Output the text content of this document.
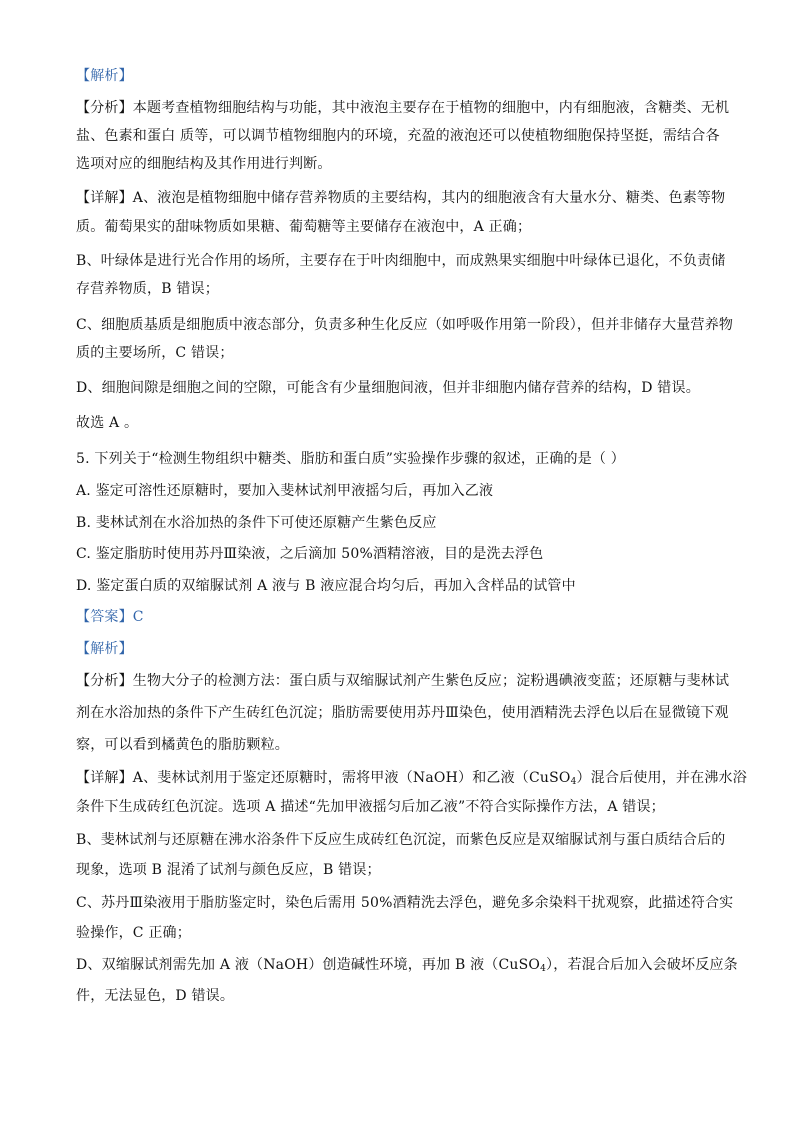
【解析】
【分析】本题考查植物细胞结构与功能，其中液泡主要存在于植物的细胞中，内有细胞液，含糖类、无机
盐、色素和蛋白 质等，可以调节植物细胞内的环境，充盈的液泡还可以使植物细胞保持坚挺，需结合各
选项对应的细胞结构及其作用进行判断。
【详解】A、液泡是植物细胞中储存营养物质的主要结构，其内的细胞液含有大量水分、糖类、色素等物
质。葡萄果实的甜味物质如果糖、葡萄糖等主要储存在液泡中，A 正确；
B、叶绿体是进行光合作用的场所，主要存在于叶肉细胞中，而成熟果实细胞中叶绿体已退化，不负责储
存营养物质，B 错误；
C、细胞质基质是细胞质中液态部分，负责多种生化反应（如呼吸作用第一阶段），但并非储存大量营养物
质的主要场所，C 错误；
D、细胞间隙是细胞之间的空隙，可能含有少量细胞间液，但并非细胞内储存营养的结构，D 错误。
故选 A 。
5. 下列关于“检测生物组织中糖类、脂肪和蛋白质”实验操作步骤的叙述，正确的是（ ）
A. 鉴定可溶性还原糖时，要加入斐林试剂甲液摇匀后，再加入乙液
B. 斐林试剂在水浴加热的条件下可使还原糖产生紫色反应
C. 鉴定脂肪时使用苏丹Ⅲ染液，之后滴加 50%酒精溶液，目的是洗去浮色
D. 鉴定蛋白质的双缩脲试剂 A 液与 B 液应混合均匀后，再加入含样品的试管中
【答案】C
【解析】
【分析】生物大分子的检测方法：蛋白质与双缩脲试剂产生紫色反应；淀粉遇碘液变蓝；还原糖与斐林试
剂在水浴加热的条件下产生砖红色沉淀；脂肪需要使用苏丹Ⅲ染色，使用酒精洗去浮色以后在显微镜下观
察，可以看到橘黄色的脂肪颗粒。
【详解】A、斐林试剂用于鉴定还原糖时，需将甲液（NaOH）和乙液（CuSO$_4$）混合后使用，并在沸水浴
条件下生成砖红色沉淀。选项 A 描述“先加甲液摇匀后加乙液”不符合实际操作方法，A 错误；
B、斐林试剂与还原糖在沸水浴条件下反应生成砖红色沉淀，而紫色反应是双缩脲试剂与蛋白质结合后的
现象，选项 B 混淆了试剂与颜色反应，B 错误；
C、苏丹Ⅲ染液用于脂肪鉴定时，染色后需用 50%酒精洗去浮色，避免多余染料干扰观察，此描述符合实
验操作，C 正确；
D、双缩脲试剂需先加 A 液（NaOH）创造碱性环境，再加 B 液（CuSO$_4$），若混合后加入会破坏反应条
件，无法显色，D 错误。
